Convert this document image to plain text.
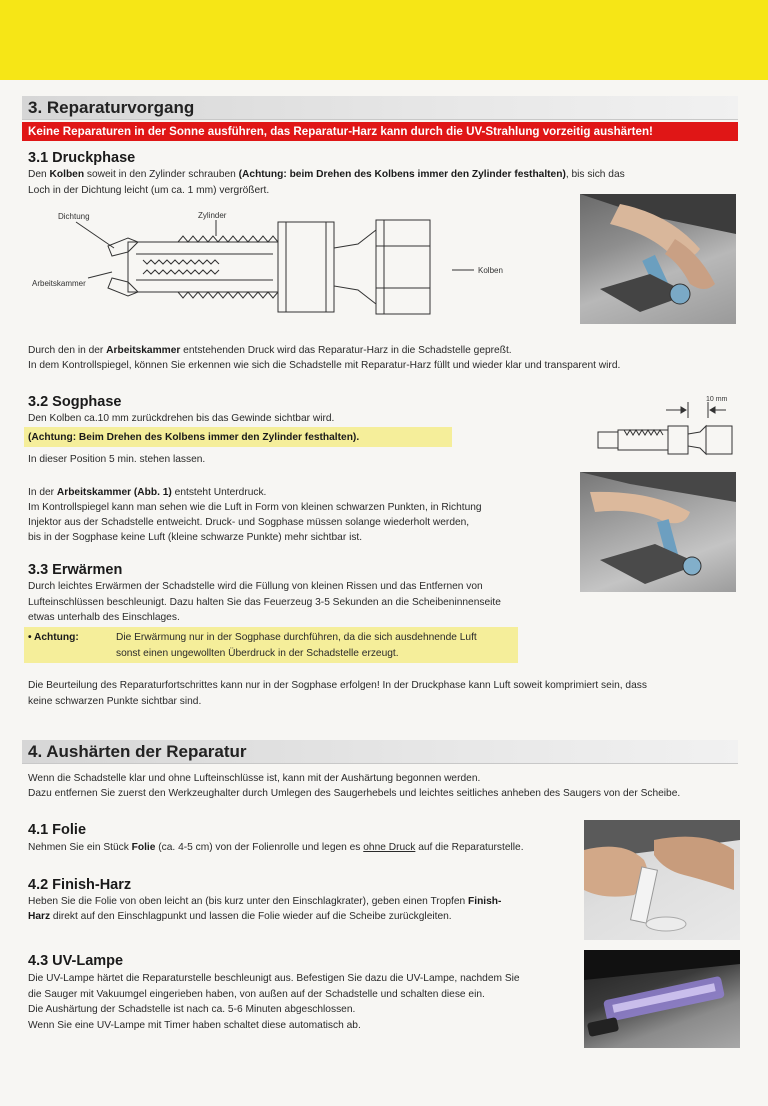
3. Reparaturvorgang
Keine Reparaturen in der Sonne ausführen, das Reparatur-Harz kann durch die UV-Strahlung vorzeitig aushärten!
3.1 Druckphase

Den Kolben soweit in den Zylinder schrauben (Achtung: beim Drehen des Kolbens immer den Zylinder festhalten), bis sich das

Loch in der Dichtung leicht (um ca. 1 mm) vergrößert.

Dichtung	Zylinder
Arbeitskammer
Kolben

Durch den in der Arbeitskammer entstehenden Druck wird das Reparatur-Harz in die Schadstelle gepreßt.

In dem Kontrollspiegel, können Sie erkennen wie sich die Schadstelle mit Reparatur-Harz füllt und wieder klar und transparent wird.

3.2 Sogphase

Den Kolben ca.10 mm zurückdrehen bis das Gewinde sichtbar wird.

(Achtung: Beim Drehen des Kolbens immer den Zylinder festhalten).

In dieser Position 5 min. stehen lassen.

10 mm

In der Arbeitskammer (Abb. 1) entsteht Unterdruck.

Im Kontrollspiegel kann man sehen wie die Luft in Form von kleinen schwarzen Punkten, in Richtung

Injektor aus der Schadstelle entweicht. Druck- und Sogphase müssen solange wiederholt werden,

bis in der Sogphase keine Luft (kleine schwarze Punkte) mehr sichtbar ist.

3.3 Erwärmen

Durch leichtes Erwärmen der Schadstelle wird die Füllung von kleinen Rissen und das Entfernen von

Lufteinschlüssen beschleunigt. Dazu halten Sie das Feuerzeug 3-5 Sekunden an die Scheibeninnenseite

etwas unterhalb des Einschlages.

• Achtung:	Die Erwärmung nur in der Sogphase durchführen, da die sich ausdehnende Luft

sonst einen ungewollten Überdruck in der Schadstelle erzeugt.

Die Beurteilung des Reparaturfortschrittes kann nur in der Sogphase erfolgen! In der Druckphase kann Luft soweit komprimiert sein, dass

keine schwarzen Punkte sichtbar sind.

4. Aushärten der Reparatur

Wenn die Schadstelle klar und ohne Lufteinschlüsse ist, kann mit der Aushärtung begonnen werden.

Dazu entfernen Sie zuerst den Werkzeughalter durch Umlegen des Saugerhebels und leichtes seitliches anheben des Saugers von der Scheibe.

4.1 Folie

Nehmen Sie ein Stück Folie (ca. 4-5 cm) von der Folienrolle und legen es ohne Druck auf die Reparaturstelle.

4.2 Finish-Harz

Heben Sie die Folie von oben leicht an (bis kurz unter den Einschlagkrater), geben einen Tropfen Finish-

Harz direkt auf den Einschlagpunkt und lassen die Folie wieder auf die Scheibe zurückgleiten.

4.3 UV-Lampe

Die UV-Lampe härtet die Reparaturstelle beschleunigt aus. Befestigen Sie dazu die UV-Lampe, nachdem Sie

die Sauger mit Vakuumgel eingerieben haben, von außen auf der Schadstelle und schalten diese ein.

Die Aushärtung der Schadstelle ist nach ca. 5-6 Minuten abgeschlossen.

Wenn Sie eine UV-Lampe mit Timer haben schaltet diese automatisch ab.
